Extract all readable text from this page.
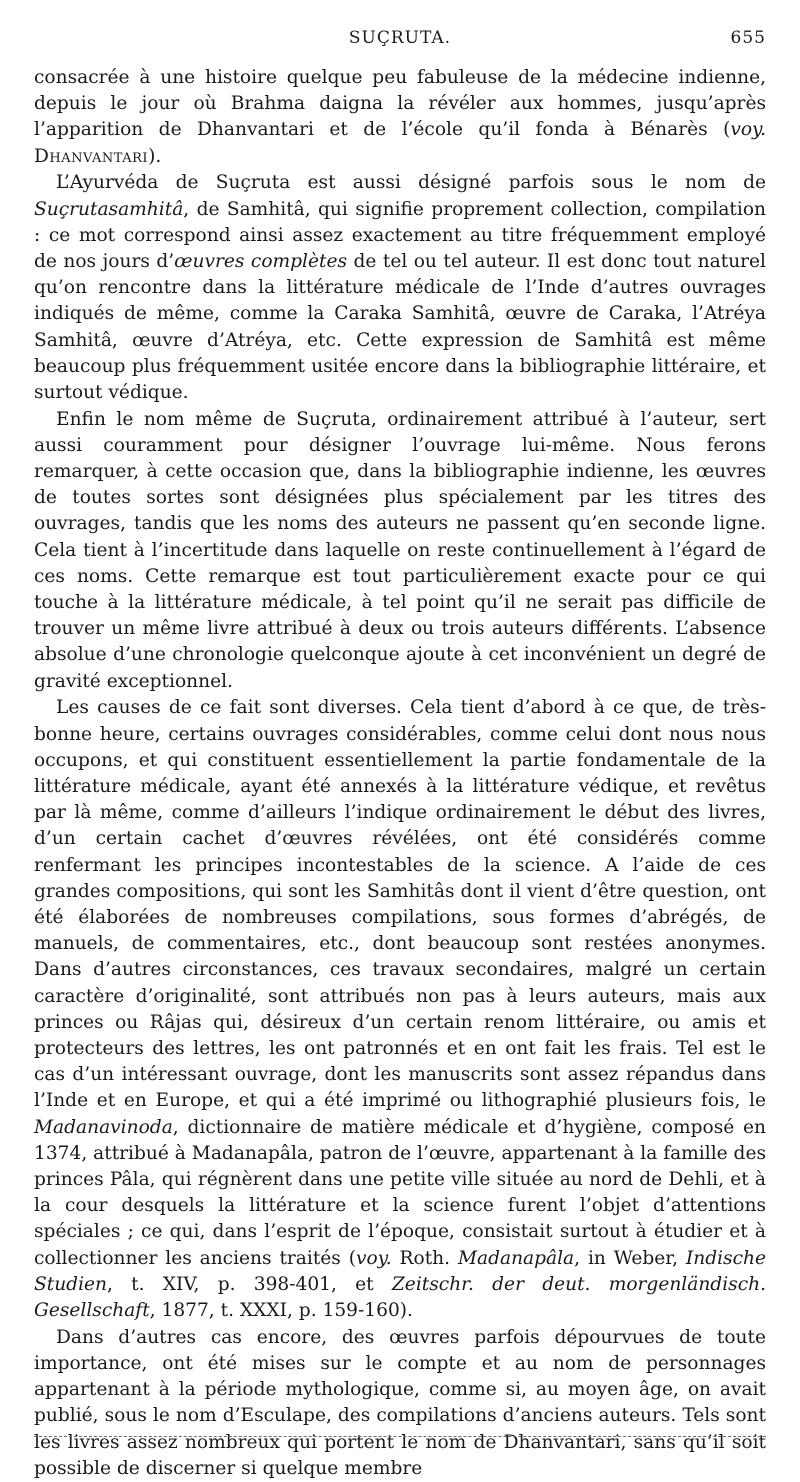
SUÇRUTA.	655

consacrée à une histoire quelque peu fabuleuse de la médecine indienne, depuis le jour où Brahma daigna la révéler aux hommes, jusqu’après l’apparition de Dhanvantari et de l’école qu’il fonda à Bénarès (voy. Dhanvantari).

L’Ayurvéda de Suçruta est aussi désigné parfois sous le nom de Suçrutasamhitâ, de Samhitâ, qui signifie proprement collection, compilation : ce mot correspond ainsi assez exactement au titre fréquemment employé de nos jours d’œuvres complètes de tel ou tel auteur. Il est donc tout naturel qu’on rencontre dans la littérature médicale de l’Inde d’autres ouvrages indiqués de même, comme la Caraka Samhitâ, œuvre de Caraka, l’Atréya Samhitâ, œuvre d’Atréya, etc. Cette expression de Samhitâ est même beaucoup plus fréquemment usitée encore dans la bibliographie littéraire, et surtout védique.

Enfin le nom même de Suçruta, ordinairement attribué à l’auteur, sert aussi couramment pour désigner l’ouvrage lui-même. Nous ferons remarquer, à cette occasion que, dans la bibliographie indienne, les œuvres de toutes sortes sont désignées plus spécialement par les titres des ouvrages, tandis que les noms des auteurs ne passent qu’en seconde ligne. Cela tient à l’incertitude dans laquelle on reste continuellement à l’égard de ces noms. Cette remarque est tout particulièrement exacte pour ce qui touche à la littérature médicale, à tel point qu’il ne serait pas difficile de trouver un même livre attribué à deux ou trois auteurs différents. L’absence absolue d’une chronologie quelconque ajoute à cet inconvénient un degré de gravité exceptionnel.

Les causes de ce fait sont diverses. Cela tient d’abord à ce que, de très-bonne heure, certains ouvrages considérables, comme celui dont nous nous occupons, et qui constituent essentiellement la partie fondamentale de la littérature médicale, ayant été annexés à la littérature védique, et revêtus par là même, comme d’ailleurs l’indique ordinairement le début des livres, d’un certain cachet d’œuvres révélées, ont été considérés comme renfermant les principes incontestables de la science. A l’aide de ces grandes compositions, qui sont les Samhitâs dont il vient d’être question, ont été élaborées de nombreuses compilations, sous formes d’abrégés, de manuels, de commentaires, etc., dont beaucoup sont restées anonymes. Dans d’autres circonstances, ces travaux secondaires, malgré un certain caractère d’originalité, sont attribués non pas à leurs auteurs, mais aux princes ou Râjas qui, désireux d’un certain renom littéraire, ou amis et protecteurs des lettres, les ont patronnés et en ont fait les frais. Tel est le cas d’un intéressant ouvrage, dont les manuscrits sont assez répandus dans l’Inde et en Europe, et qui a été imprimé ou lithographié plusieurs fois, le Madanavinoda, dictionnaire de matière médicale et d’hygiène, composé en 1374, attribué à Madanapâla, patron de l’œuvre, appartenant à la famille des princes Pâla, qui régnèrent dans une petite ville située au nord de Dehli, et à la cour desquels la littérature et la science furent l’objet d’attentions spéciales ; ce qui, dans l’esprit de l’époque, consistait surtout à étudier et à collectionner les anciens traités (voy. Roth. Madanapâla, in Weber, Indische Studien, t. XIV, p. 398-401, et Zeitschr. der deut. morgenländisch. Gesellschaft, 1877, t. XXXI, p. 159-160).

Dans d’autres cas encore, des œuvres parfois dépourvues de toute importance, ont été mises sur le compte et au nom de personnages appartenant à la période mythologique, comme si, au moyen âge, on avait publié, sous le nom d’Esculape, des compilations d’anciens auteurs. Tels sont les livres assez nombreux qui portent le nom de Dhanvantari, sans qu’il soit possible de discerner si quelque membre
